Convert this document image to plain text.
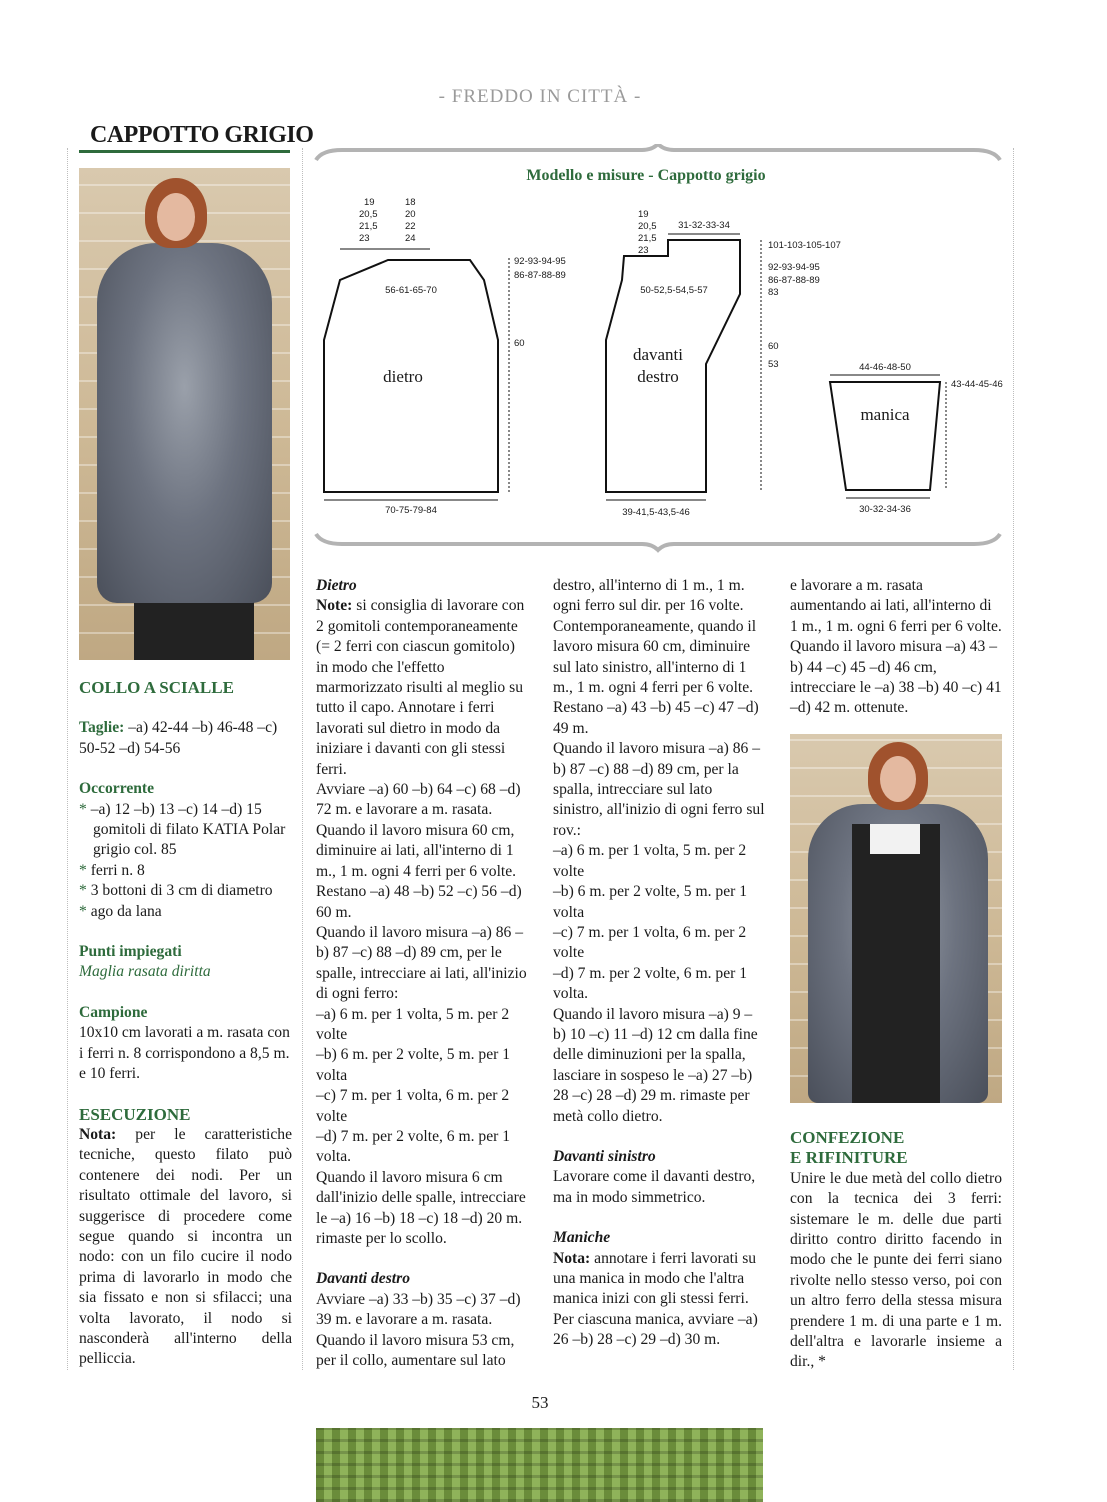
- FREDDO IN CITTÀ -
CAPPOTTO GRIGIO

COLLO A SCIALLE

Taglie: –a) 42-44 –b) 46-48 –c) 50-52 –d) 54-56

Occorrente

* –a) 12 –b) 13 –c) 14 –d) 15 gomitoli di filato KATIA Polar grigio col. 85

* ferri n. 8

* 3 bottoni di 3 cm di diametro

* ago da lana

Punti impiegati

Maglia rasata diritta

Campione

10x10 cm lavorati a m. rasata con i ferri n. 8 corrispondono a 8,5 m. e 10 ferri.

ESECUZIONE

Nota: per le caratteristiche tecniche, questo filato può contenere dei nodi. Per un risultato ottimale del lavoro, si suggerisce di procedere come segue quando si incontra un nodo: con un filo cucire il nodo prima di lavorarlo in modo che sia fissato e non si sfilacci; una volta lavorato, il nodo si nasconderà all'interno della pelliccia.

Modello e misure - Cappotto grigio
dietro
19
20,5
21,5
23
18
20
22
24
92-93-94-95
86-87-88-89
60
56-61-65-70
70-75-79-84
davanti
destro
19
20,5
21,5
23
31-32-33-34
101-103-105-107
92-93-94-95
86-87-88-89
83
50-52,5-54,5-57
60
53
39-41,5-43,5-46
manica
44-46-48-50
43-44-45-46
30-32-34-36

Dietro

Note: si consiglia di lavorare con 2 gomitoli contemporaneamente (= 2 ferri con ciascun gomitolo) in modo che l'effetto marmorizzato risulti al meglio su tutto il capo. Annotare i ferri lavorati sul dietro in modo da iniziare i davanti con gli stessi ferri.

Avviare –a) 60 –b) 64 –c) 68 –d) 72 m. e lavorare a m. rasata.

Quando il lavoro misura 60 cm, diminuire ai lati, all'interno di 1 m., 1 m. ogni 4 ferri per 6 volte. Restano –a) 48 –b) 52 –c) 56 –d) 60 m.

Quando il lavoro misura –a) 86 –b) 87 –c) 88 –d) 89 cm, per le spalle, intrecciare ai lati, all'inizio di ogni ferro:

–a) 6 m. per 1 volta, 5 m. per 2 volte

–b) 6 m. per 2 volte, 5 m. per 1 volta

–c) 7 m. per 1 volta, 6 m. per 2 volte

–d) 7 m. per 2 volte, 6 m. per 1 volta.

Quando il lavoro misura 6 cm dall'inizio delle spalle, intrecciare le –a) 16 –b) 18 –c) 18 –d) 20 m. rimaste per lo scollo.

Davanti destro

Avviare –a) 33 –b) 35 –c) 37 –d) 39 m. e lavorare a m. rasata.

Quando il lavoro misura 53 cm, per il collo, aumentare sul lato

destro, all'interno di 1 m., 1 m. ogni ferro sul dir. per 16 volte.

Contemporaneamente, quando il lavoro misura 60 cm, diminuire sul lato sinistro, all'interno di 1 m., 1 m. ogni 4 ferri per 6 volte. Restano –a) 43 –b) 45 –c) 47 –d) 49 m.

Quando il lavoro misura –a) 86 –b) 87 –c) 88 –d) 89 cm, per la spalla, intrecciare sul lato sinistro, all'inizio di ogni ferro sul rov.:

–a) 6 m. per 1 volta, 5 m. per 2 volte

–b) 6 m. per 2 volte, 5 m. per 1 volta

–c) 7 m. per 1 volta, 6 m. per 2 volte

–d) 7 m. per 2 volte, 6 m. per 1 volta.

Quando il lavoro misura –a) 9 –b) 10 –c) 11 –d) 12 cm dalla fine delle diminuzioni per la spalla, lasciare in sospeso le –a) 27 –b) 28 –c) 28 –d) 29 m. rimaste per metà collo dietro.

Davanti sinistro

Lavorare come il davanti destro, ma in modo simmetrico.

Maniche

Nota: annotare i ferri lavorati su una manica in modo che l'altra manica inizi con gli stessi ferri.

Per ciascuna manica, avviare –a) 26 –b) 28 –c) 29 –d) 30 m.

e lavorare a m. rasata aumentando ai lati, all'interno di 1 m., 1 m. ogni 6 ferri per 6 volte.

Quando il lavoro misura –a) 43 –b) 44 –c) 45 –d) 46 cm, intrecciare le –a) 38 –b) 40 –c) 41 –d) 42 m. ottenute.

CONFEZIONE

E RIFINITURE

Unire le due metà del collo dietro con la tecnica dei 3 ferri: sistemare le m. delle due parti diritto contro diritto facendo in modo che le punte dei ferri siano rivolte nello stesso verso, poi con un altro ferro della stessa misura prendere 1 m. di una parte e 1 m. dell'altra e lavorarle insieme a dir., *

53
